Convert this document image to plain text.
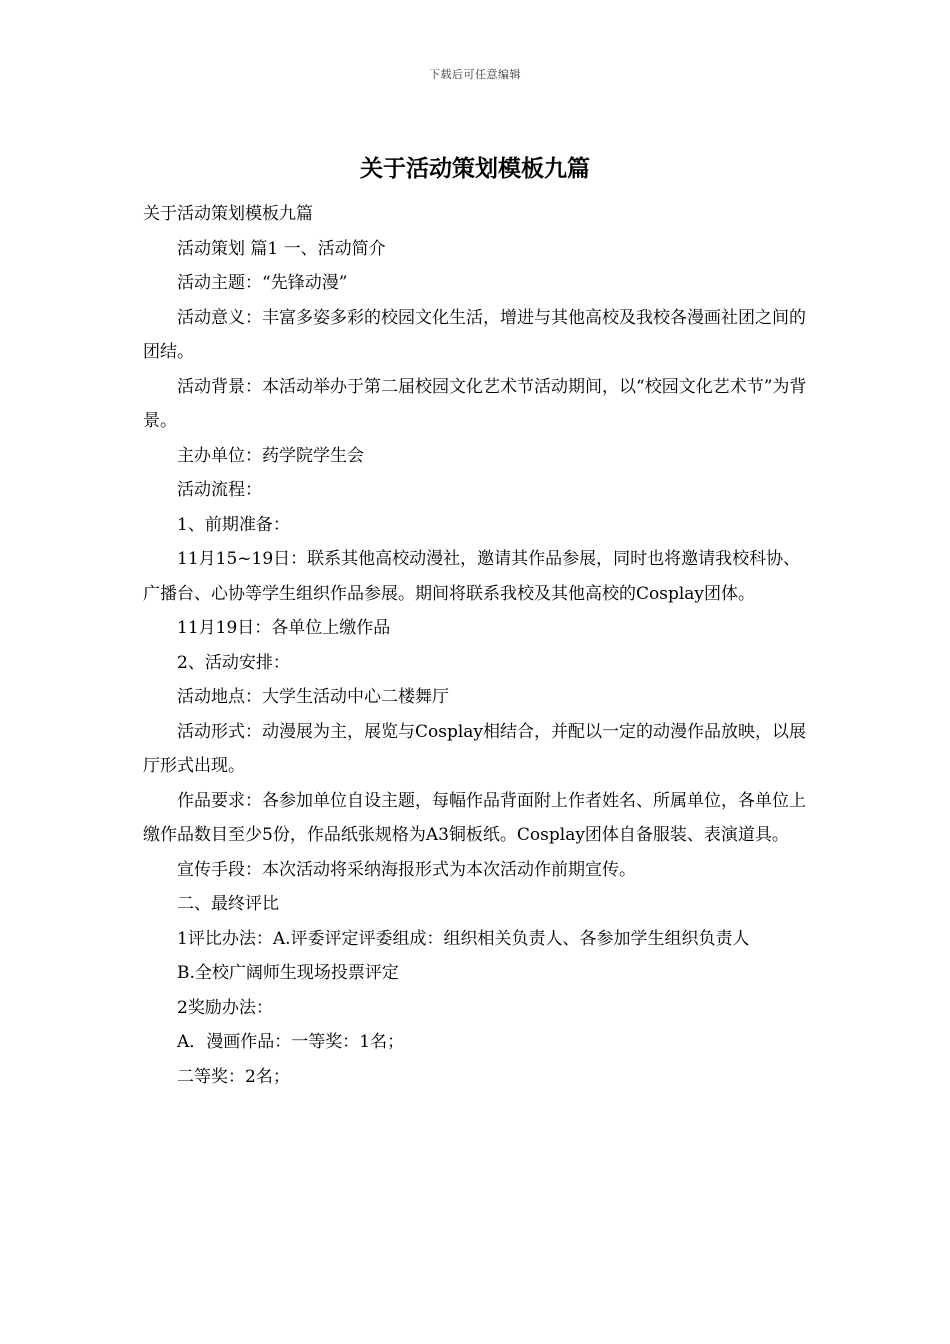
下载后可任意编辑
关于活动策划模板九篇

关于活动策划模板九篇

活动策划 篇1 一、活动简介

活动主题：“先锋动漫”

活动意义：丰富多姿多彩的校园文化生活，增进与其他高校及我校各漫画社团之间的团结。

活动背景：本活动举办于第二届校园文化艺术节活动期间，以“校园文化艺术节”为背景。

主办单位：药学院学生会

活动流程：

1、前期准备：

11月15~19日：联系其他高校动漫社，邀请其作品参展，同时也将邀请我校科协、广播台、心协等学生组织作品参展。期间将联系我校及其他高校的Cosplay团体。

11月19日：各单位上缴作品

2、活动安排：

活动地点：大学生活动中心二楼舞厅

活动形式：动漫展为主，展览与Cosplay相结合，并配以一定的动漫作品放映，以展厅形式出现。

作品要求：各参加单位自设主题，每幅作品背面附上作者姓名、所属单位，各单位上缴作品数目至少5份，作品纸张规格为A3铜板纸。Cosplay团体自备服装、表演道具。

宣传手段：本次活动将采纳海报形式为本次活动作前期宣传。

二、最终评比

1评比办法：A.评委评定评委组成：组织相关负责人、各参加学生组织负责人

B.全校广阔师生现场投票评定

2奖励办法：

A．漫画作品：一等奖：1名；

二等奖：2名；
